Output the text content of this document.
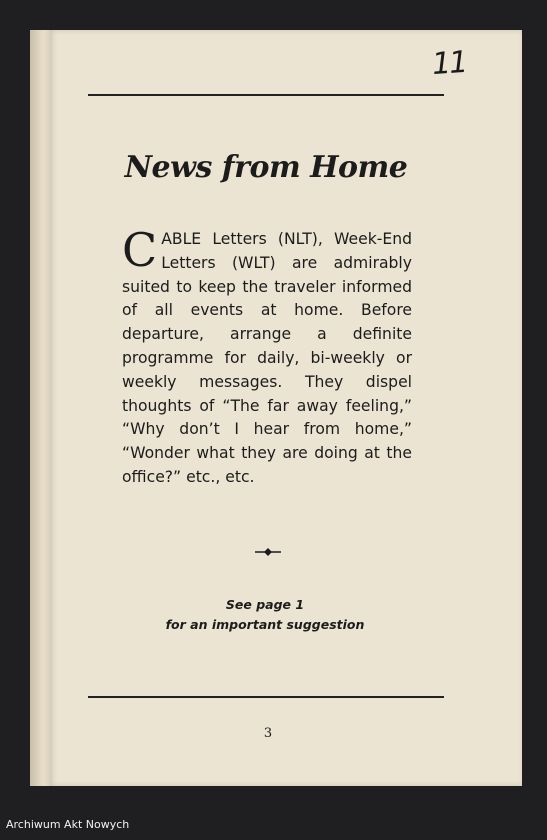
11
News from Home
CABLE Letters (NLT), Week-End Letters (WLT) are admirably suited to keep the traveler informed of all events at home. Before departure, arrange a definite programme for daily, bi-weekly or weekly messages. They dispel thoughts of “The far away feeling,” “Why don’t I hear from home,” “Wonder what they are doing at the office?” etc., etc.
See page 1
for an important suggestion
3
Archiwum Akt Nowych
